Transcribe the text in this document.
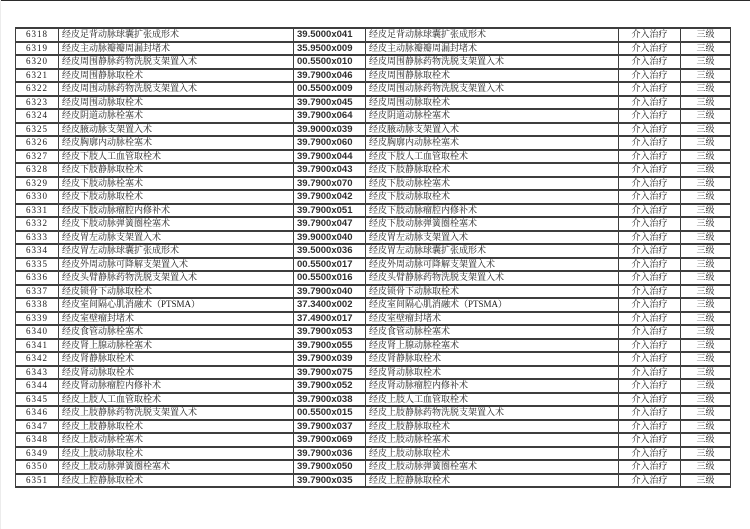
6318	经皮足背动脉球囊扩张成形术	39.5000x041	经皮足背动脉球囊扩张成形术	介入治疗	三级
6319	经皮主动脉瓣瓣周漏封堵术	35.9500x009	经皮主动脉瓣瓣周漏封堵术	介入治疗	三级
6320	经皮周围静脉药物洗脱支架置入术	00.5500x010	经皮周围静脉药物洗脱支架置入术	介入治疗	三级
6321	经皮周围静脉取栓术	39.7900x046	经皮周围静脉取栓术	介入治疗	三级
6322	经皮周围动脉药物洗脱支架置入术	00.5500x009	经皮周围动脉药物洗脱支架置入术	介入治疗	三级
6323	经皮周围动脉取栓术	39.7900x045	经皮周围动脉取栓术	介入治疗	三级
6324	经皮阴道动脉栓塞术	39.7900x064	经皮阴道动脉栓塞术	介入治疗	三级
6325	经皮腋动脉支架置入术	39.9000x039	经皮腋动脉支架置入术	介入治疗	三级
6326	经皮胸廓内动脉栓塞术	39.7900x060	经皮胸廓内动脉栓塞术	介入治疗	三级
6327	经皮下肢人工血管取栓术	39.7900x044	经皮下肢人工血管取栓术	介入治疗	三级
6328	经皮下肢静脉取栓术	39.7900x043	经皮下肢静脉取栓术	介入治疗	三级
6329	经皮下肢动脉栓塞术	39.7900x070	经皮下肢动脉栓塞术	介入治疗	三级
6330	经皮下肢动脉取栓术	39.7900x042	经皮下肢动脉取栓术	介入治疗	三级
6331	经皮下肢动脉瘤腔内修补术	39.7900x051	经皮下肢动脉瘤腔内修补术	介入治疗	三级
6332	经皮下肢动脉弹簧圈栓塞术	39.7900x047	经皮下肢动脉弹簧圈栓塞术	介入治疗	三级
6333	经皮胃左动脉支架置入术	39.9000x040	经皮胃左动脉支架置入术	介入治疗	三级
6334	经皮胃左动脉球囊扩张成形术	39.5000x036	经皮胃左动脉球囊扩张成形术	介入治疗	三级
6335	经皮外周动脉可降解支架置入术	00.5500x017	经皮外周动脉可降解支架置入术	介入治疗	三级
6336	经皮头臂静脉药物洗脱支架置入术	00.5500x016	经皮头臂静脉药物洗脱支架置入术	介入治疗	三级
6337	经皮锁骨下动脉取栓术	39.7900x040	经皮锁骨下动脉取栓术	介入治疗	三级
6338	经皮室间隔心肌消融术（PTSMA）	37.3400x002	经皮室间隔心肌消融术（PTSMA）	介入治疗	三级
6339	经皮室壁瘤封堵术	37.4900x017	经皮室壁瘤封堵术	介入治疗	三级
6340	经皮食管动脉栓塞术	39.7900x053	经皮食管动脉栓塞术	介入治疗	三级
6341	经皮肾上腺动脉栓塞术	39.7900x055	经皮肾上腺动脉栓塞术	介入治疗	三级
6342	经皮肾静脉取栓术	39.7900x039	经皮肾静脉取栓术	介入治疗	三级
6343	经皮肾动脉取栓术	39.7900x075	经皮肾动脉取栓术	介入治疗	三级
6344	经皮肾动脉瘤腔内修补术	39.7900x052	经皮肾动脉瘤腔内修补术	介入治疗	三级
6345	经皮上肢人工血管取栓术	39.7900x038	经皮上肢人工血管取栓术	介入治疗	三级
6346	经皮上肢静脉药物洗脱支架置入术	00.5500x015	经皮上肢静脉药物洗脱支架置入术	介入治疗	三级
6347	经皮上肢静脉取栓术	39.7900x037	经皮上肢静脉取栓术	介入治疗	三级
6348	经皮上肢动脉栓塞术	39.7900x069	经皮上肢动脉栓塞术	介入治疗	三级
6349	经皮上肢动脉取栓术	39.7900x036	经皮上肢动脉取栓术	介入治疗	三级
6350	经皮上肢动脉弹簧圈栓塞术	39.7900x050	经皮上肢动脉弹簧圈栓塞术	介入治疗	三级
6351	经皮上腔静脉取栓术	39.7900x035	经皮上腔静脉取栓术	介入治疗	三级
